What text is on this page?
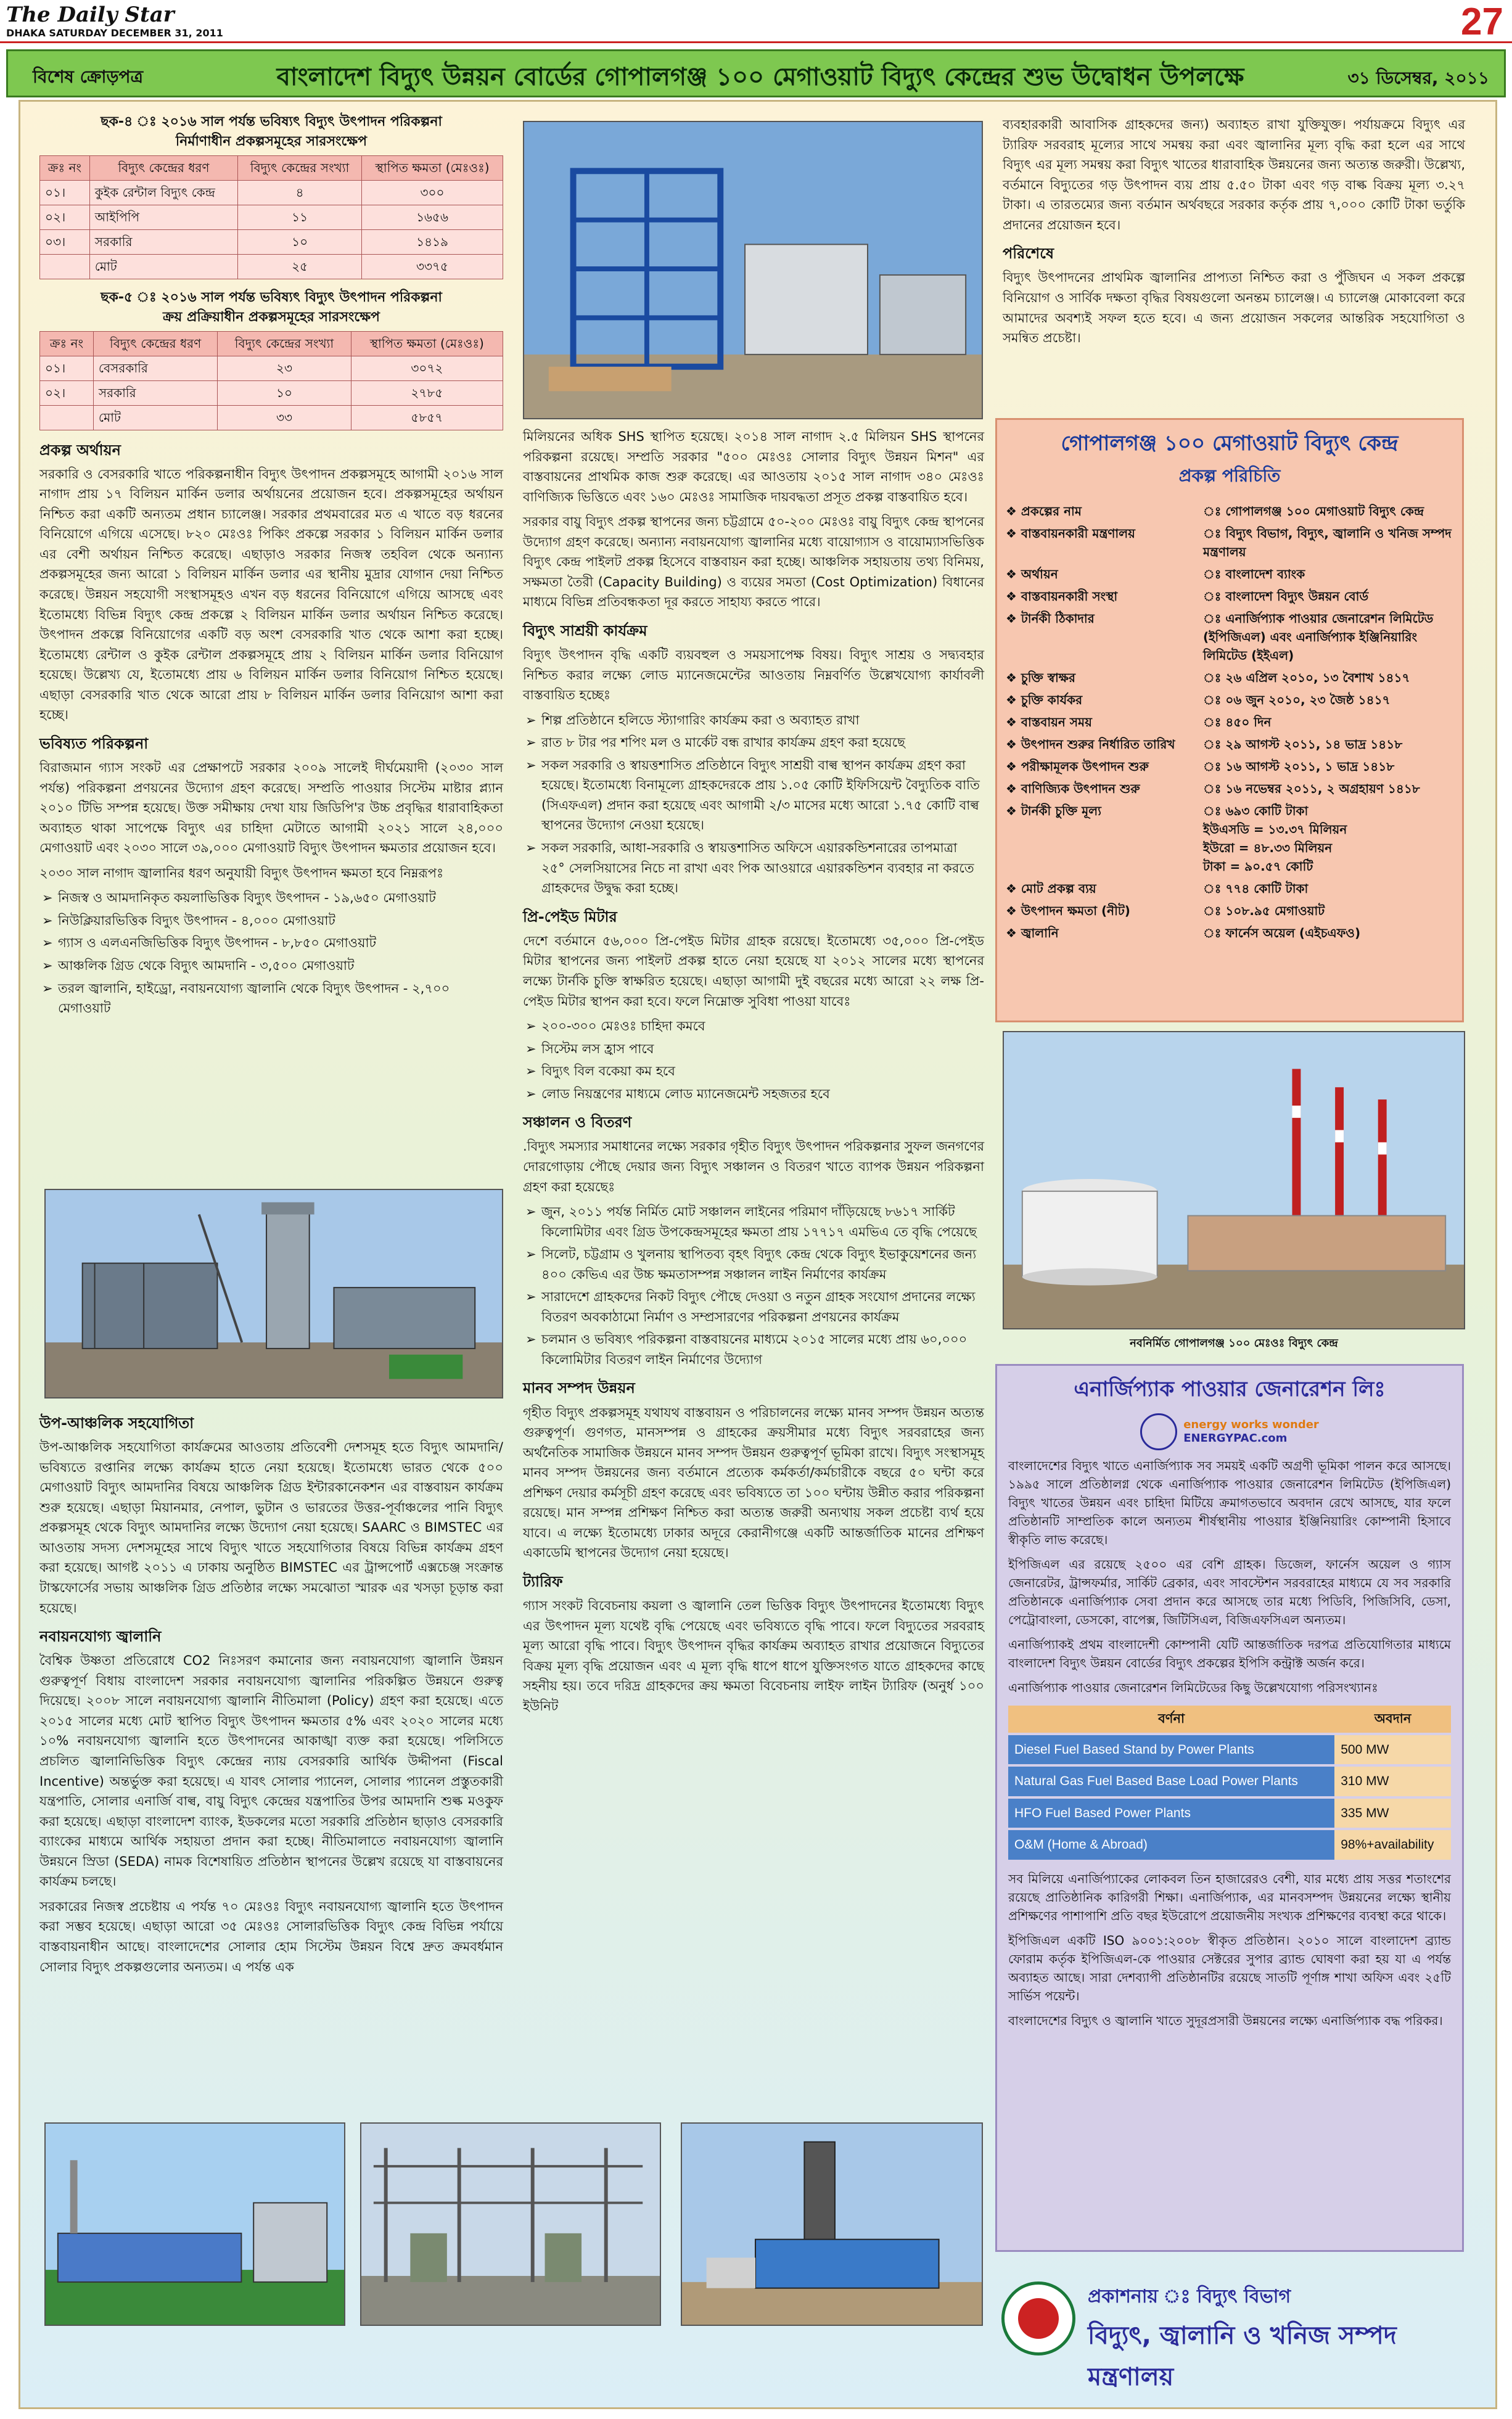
The Daily Star
DHAKA SATURDAY DECEMBER 31, 2011	27
বিশেষ ক্রোড়পত্র	বাংলাদেশ বিদ্যুৎ উন্নয়ন বোর্ডের গোপালগঞ্জ ১০০ মেগাওয়াট বিদ্যুৎ কেন্দ্রের শুভ উদ্বোধন উপলক্ষে	৩১ ডিসেম্বর, ২০১১
ছক-৪ ঃ ২০১৬ সাল পর্যন্ত ভবিষ্যৎ বিদ্যুৎ উৎপাদন পরিকল্পনা
নির্মাণাধীন প্রকল্পসমূহের সারসংক্ষেপ
ক্রঃ নং	বিদ্যুৎ কেন্দ্রের ধরণ	বিদ্যুৎ কেন্দ্রের সংখ্যা	স্থাপিত ক্ষমতা (মেঃওঃ)
০১।	কুইক রেন্টাল বিদ্যুৎ কেন্দ্র	৪	৩০০
০২।	আইপিপি	১১	১৬৫৬
০৩।	সরকারি	১০	১৪১৯
	মোট	২৫	৩৩৭৫
ছক-৫ ঃ ২০১৬ সাল পর্যন্ত ভবিষ্যৎ বিদ্যুৎ উৎপাদন পরিকল্পনা
ক্রয় প্রক্রিয়াধীন প্রকল্পসমূহের সারসংক্ষেপ
ক্রঃ নং	বিদ্যুৎ কেন্দ্রের ধরণ	বিদ্যুৎ কেন্দ্রের সংখ্যা	স্থাপিত ক্ষমতা (মেঃওঃ)
০১।	বেসরকারি	২৩	৩০৭২
০২।	সরকারি	১০	২৭৮৫
	মোট	৩৩	৫৮৫৭
প্রকল্প অর্থায়ন

সরকারি ও বেসরকারি খাতে পরিকল্পনাধীন বিদ্যুৎ উৎপাদন প্রকল্পসমূহে আগামী ২০১৬ সাল নাগাদ প্রায় ১৭ বিলিয়ন মার্কিন ডলার অর্থায়নের প্রয়োজন হবে। প্রকল্পসমূহের অর্থায়ন নিশ্চিত করা একটি অন্যতম প্রধান চ্যালেঞ্জ। সরকার প্রথমবারের মত এ খাতে বড় ধরনের বিনিয়োগে এগিয়ে এসেছে। ৮২০ মেঃওঃ পিকিং প্রকল্পে সরকার ১ বিলিয়ন মার্কিন ডলার এর বেশী অর্থায়ন নিশ্চিত করেছে। এছাড়াও সরকার নিজস্ব তহবিল থেকে অন্যান্য প্রকল্পসমূহের জন্য আরো ১ বিলিয়ন মার্কিন ডলার এর স্থানীয় মুদ্রার যোগান দেয়া নিশ্চিত করেছে। উন্নয়ন সহযোগী সংস্থাসমূহও এখন বড় ধরনের বিনিয়োগে এগিয়ে আসছে এবং ইতোমধ্যে বিভিন্ন বিদ্যুৎ কেন্দ্র প্রকল্পে ২ বিলিয়ন মার্কিন ডলার অর্থায়ন নিশ্চিত করেছে। উৎপাদন প্রকল্পে বিনিয়োগের একটি বড় অংশ বেসরকারি খাত থেকে আশা করা হচ্ছে। ইতোমধ্যে রেন্টাল ও কুইক রেন্টাল প্রকল্পসমূহে প্রায় ২ বিলিয়ন মার্কিন ডলার বিনিয়োগ হয়েছে। উল্লেখ্য যে, ইতোমধ্যে প্রায় ৬ বিলিয়ন মার্কিন ডলার বিনিয়োগ নিশ্চিত হয়েছে। এছাড়া বেসরকারি খাত থেকে আরো প্রায় ৮ বিলিয়ন মার্কিন ডলার বিনিয়োগ আশা করা হচ্ছে।

ভবিষ্যত পরিকল্পনা

বিরাজমান গ্যাস সংকট এর প্রেক্ষাপটে সরকার ২০০৯ সালেই দীর্ঘমেয়াদী (২০৩০ সাল পর্যন্ত) পরিকল্পনা প্রণয়নের উদ্যোগ গ্রহণ করেছে। সম্প্রতি পাওয়ার সিস্টেম মাষ্টার প্ল্যান ২০১০ টিভি সম্পন্ন হয়েছে। উক্ত সমীক্ষায় দেখা যায় জিডিপি'র উচ্চ প্রবৃদ্ধির ধারাবাহিকতা অব্যাহত থাকা সাপেক্ষে বিদ্যুৎ এর চাহিদা মেটাতে আগামী ২০২১ সালে ২৪,০০০ মেগাওয়াট এবং ২০৩০ সালে ৩৯,০০০ মেগাওয়াট বিদ্যুৎ উৎপাদন ক্ষমতার প্রয়োজন হবে।

২০৩০ সাল নাগাদ জ্বালানির ধরণ অনুযায়ী বিদ্যুৎ উৎপাদন ক্ষমতা হবে নিম্নরূপঃ

➢ নিজস্ব ও আমদানিকৃত কয়লাভিত্তিক বিদ্যুৎ উৎপাদন - ১৯,৬৫০ মেগাওয়াট
➢ নিউক্লিয়ারভিত্তিক বিদ্যুৎ উৎপাদন - ৪,০০০ মেগাওয়াট
➢ গ্যাস ও এলএনজিভিত্তিক বিদ্যুৎ উৎপাদন - ৮,৮৫০ মেগাওয়াট
➢ আঞ্চলিক গ্রিড থেকে বিদ্যুৎ আমদানি - ৩,৫০০ মেগাওয়াট
➢ তরল জ্বালানি, হাইড্রো, নবায়নযোগ্য জ্বালানি থেকে বিদ্যুৎ উৎপাদন - ২,৭০০ মেগাওয়াট
উপ-আঞ্চলিক সহযোগিতা

উপ-আঞ্চলিক সহযোগিতা কার্যক্রমের আওতায় প্রতিবেশী দেশসমূহ হতে বিদ্যুৎ আমদানি/ ভবিষ্যতে রপ্তানির লক্ষ্যে কার্যক্রম হাতে নেয়া হয়েছে। ইতোমধ্যে ভারত থেকে ৫০০ মেগাওয়াট বিদ্যুৎ আমদানির বিষয়ে আঞ্চলিক গ্রিড ইন্টারকানেকশন এর বাস্তবায়ন কার্যক্রম শুরু হয়েছে। এছাড়া মিয়ানমার, নেপাল, ভুটান ও ভারতের উত্তর-পূর্বাঞ্চলের পানি বিদ্যুৎ প্রকল্পসমূহ থেকে বিদ্যুৎ আমদানির লক্ষ্যে উদ্যোগ নেয়া হয়েছে। SAARC ও BIMSTEC এর আওতায় সদস্য দেশসমূহের সাথে বিদ্যুৎ খাতে সহযোগিতার বিষয়ে বিভিন্ন কার্যক্রম গ্রহণ করা হয়েছে। আগষ্ট ২০১১ এ ঢাকায় অনুষ্ঠিত BIMSTEC এর ট্রান্সপোর্ট এক্সচেঞ্জ সংক্রান্ত টাস্কফোর্সের সভায় আঞ্চলিক গ্রিড প্রতিষ্ঠার লক্ষ্যে সমঝোতা স্মারক এর খসড়া চূড়ান্ত করা হয়েছে।

নবায়নযোগ্য জ্বালানি

বৈশ্বিক উষ্ণতা প্রতিরোধে CO2 নিঃসরণ কমানোর জন্য নবায়নযোগ্য জ্বালানি উন্নয়ন গুরুত্বপূর্ণ বিধায় বাংলাদেশ সরকার নবায়নযোগ্য জ্বালানির পরিকল্পিত উন্নয়নে গুরুত্ব দিয়েছে। ২০০৮ সালে নবায়নযোগ্য জ্বালানি নীতিমালা (Policy) গ্রহণ করা হয়েছে। এতে ২০১৫ সালের মধ্যে মোট স্থাপিত বিদ্যুৎ উৎপাদন ক্ষমতার ৫% এবং ২০২০ সালের মধ্যে ১০% নবায়নযোগ্য জ্বালানি হতে উৎপাদনের আকাঙ্খা ব্যক্ত করা হয়েছে। পলিসিতে প্রচলিত জ্বালানিভিত্তিক বিদ্যুৎ কেন্দ্রের ন্যায় বেসরকারি আর্থিক উদ্দীপনা (Fiscal Incentive) অন্তর্ভুক্ত করা হয়েছে। এ যাবৎ সোলার প্যানেল, সোলার প্যানেল প্রস্তুতকারী যন্ত্রপাতি, সোলার এনার্জি বাল্ব, বায়ু বিদ্যুৎ কেন্দ্রের যন্ত্রপাতির উপর আমদানি শুল্ক মওকুফ করা হয়েছে। এছাড়া বাংলাদেশ ব্যাংক, ইডকলের মতো সরকারি প্রতিষ্ঠান ছাড়াও বেসরকারি ব্যাংকের মাধ্যমে আর্থিক সহায়তা প্রদান করা হচ্ছে। নীতিমালাতে নবায়নযোগ্য জ্বালানি উন্নয়নে স্রিডা (SEDA) নামক বিশেষায়িত প্রতিষ্ঠান স্থাপনের উল্লেখ রয়েছে যা বাস্তবায়নের কার্যক্রম চলছে।

সরকারের নিজস্ব প্রচেষ্টায় এ পর্যন্ত ৭০ মেঃওঃ বিদ্যুৎ নবায়নযোগ্য জ্বালানি হতে উৎপাদন করা সম্ভব হয়েছে। এছাড়া আরো ৩৫ মেঃওঃ সোলারভিত্তিক বিদ্যুৎ কেন্দ্র বিভিন্ন পর্যায়ে বাস্তবায়নাধীন আছে। বাংলাদেশের সোলার হোম সিস্টেম উন্নয়ন বিশ্বে দ্রুত ক্রমবর্ধমান সোলার বিদ্যুৎ প্রকল্পগুলোর অন্যতম। এ পর্যন্ত এক

মিলিয়নের অধিক SHS স্থাপিত হয়েছে। ২০১৪ সাল নাগাদ ২.৫ মিলিয়ন SHS স্থাপনের পরিকল্পনা রয়েছে। সম্প্রতি সরকার "৫০০ মেঃওঃ সোলার বিদ্যুৎ উন্নয়ন মিশন" এর বাস্তবায়নের প্রাথমিক কাজ শুরু করেছে। এর আওতায় ২০১৫ সাল নাগাদ ৩৪০ মেঃওঃ বাণিজ্যিক ভিত্তিতে এবং ১৬০ মেঃওঃ সামাজিক দায়বদ্ধতা প্রসূত প্রকল্প বাস্তবায়িত হবে।

সরকার বায়ু বিদ্যুৎ প্রকল্প স্থাপনের জন্য চট্টগ্রামে ৫০-২০০ মেঃওঃ বায়ু বিদ্যুৎ কেন্দ্র স্থাপনের উদ্যোগ গ্রহণ করেছে। অন্যান্য নবায়নযোগ্য জ্বালানির মধ্যে বায়োগ্যাস ও বায়োম্যাসভিত্তিক বিদ্যুৎ কেন্দ্র পাইলট প্রকল্প হিসেবে বাস্তবায়ন করা হচ্ছে। আঞ্চলিক সহায়তায় তথ্য বিনিময়, সক্ষমতা তৈরী (Capacity Building) ও ব্যয়ের সমতা (Cost Optimization) বিধানের মাধ্যমে বিভিন্ন প্রতিবন্ধকতা দূর করতে সাহায্য করতে পারে।

বিদ্যুৎ সাশ্রয়ী কার্যক্রম

বিদ্যুৎ উৎপাদন বৃদ্ধি একটি ব্যয়বহুল ও সময়সাপেক্ষ বিষয়। বিদ্যুৎ সাশ্রয় ও সদ্ব্যবহার নিশ্চিত করার লক্ষ্যে লোড ম্যানেজমেন্টের আওতায় নিম্নবর্ণিত উল্লেখযোগ্য কার্যাবলী বাস্তবায়িত হচ্ছেঃ

➢ শিল্প প্রতিষ্ঠানে হলিডে স্ট্যাগারিং কার্যক্রম করা ও অব্যাহত রাখা
➢ রাত ৮ টার পর শপিং মল ও মার্কেট বন্ধ রাখার কার্যক্রম গ্রহণ করা হয়েছে
➢ সকল সরকারি ও স্বায়ত্তশাসিত প্রতিষ্ঠানে বিদ্যুৎ সাশ্রয়ী বাল্ব স্থাপন কার্যক্রম গ্রহণ করা হয়েছে। ইতোমধ্যে বিনামূল্যে গ্রাহকদেরকে প্রায় ১.০৫ কোটি ইফিসিয়েন্ট বৈদ্যুতিক বাতি (সিএফএল) প্রদান করা হয়েছে এবং আগামী ২/৩ মাসের মধ্যে আরো ১.৭৫ কোটি বাল্ব স্থাপনের উদ্যোগ নেওয়া হয়েছে।
➢ সকল সরকারি, আধা-সরকারি ও স্বায়ত্তশাসিত অফিসে এয়ারকন্ডিশনারের তাপমাত্রা ২৫° সেলসিয়াসের নিচে না রাখা এবং পিক আওয়ারে এয়ারকন্ডিশন ব্যবহার না করতে গ্রাহকদের উদ্বুদ্ধ করা হচ্ছে।
প্রি-পেইড মিটার

দেশে বর্তমানে ৫৬,০০০ প্রি-পেইড মিটার গ্রাহক রয়েছে। ইতোমধ্যে ৩৫,০০০ প্রি-পেইড মিটার স্থাপনের জন্য পাইলট প্রকল্প হাতে নেয়া হয়েছে যা ২০১২ সালের মধ্যে স্থাপনের লক্ষ্যে টার্নকি চুক্তি স্বাক্ষরিত হয়েছে। এছাড়া আগামী দুই বছরের মধ্যে আরো ২২ লক্ষ প্রি-পেইড মিটার স্থাপন করা হবে। ফলে নিম্নোক্ত সুবিধা পাওয়া যাবেঃ

➢ ২০০-৩০০ মেঃওঃ চাহিদা কমবে
➢ সিস্টেম লস হ্রাস পাবে
➢ বিদ্যুৎ বিল বকেয়া কম হবে
➢ লোড নিয়ন্ত্রণের মাধ্যমে লোড ম্যানেজমেন্ট সহজতর হবে
সঞ্চালন ও বিতরণ

.বিদ্যুৎ সমস্যার সমাধানের লক্ষ্যে সরকার গৃহীত বিদ্যুৎ উৎপাদন পরিকল্পনার সুফল জনগণের দোরগোড়ায় পৌছে দেয়ার জন্য বিদ্যুৎ সঞ্চালন ও বিতরণ খাতে ব্যাপক উন্নয়ন পরিকল্পনা গ্রহণ করা হয়েছেঃ

➢ জুন, ২০১১ পর্যন্ত নির্মিত মোট সঞ্চালন লাইনের পরিমাণ দাঁড়িয়েছে ৮৬১৭ সার্কিট কিলোমিটার এবং গ্রিড উপকেন্দ্রসমূহের ক্ষমতা প্রায় ১৭৭১৭ এমভিএ তে বৃদ্ধি পেয়েছে
➢ সিলেট, চট্টগ্রাম ও খুলনায় স্থাপিতব্য বৃহৎ বিদ্যুৎ কেন্দ্র থেকে বিদ্যুৎ ইভাকুয়েশনের জন্য ৪০০ কেভিএ এর উচ্চ ক্ষমতাসম্পন্ন সঞ্চালন লাইন নির্মাণের কার্যক্রম
➢ সারাদেশে গ্রাহকদের নিকট বিদ্যুৎ পৌছে দেওয়া ও নতুন গ্রাহক সংযোগ প্রদানের লক্ষ্যে বিতরণ অবকাঠামো নির্মাণ ও সম্প্রসারণের পরিকল্পনা প্রণয়নের কার্যক্রম
➢ চলমান ও ভবিষ্যৎ পরিকল্পনা বাস্তবায়নের মাধ্যমে ২০১৫ সালের মধ্যে প্রায় ৬০,০০০ কিলোমিটার বিতরণ লাইন নির্মাণের উদ্যোগ
মানব সম্পদ উন্নয়ন

গৃহীত বিদ্যুৎ প্রকল্পসমূহ যথাযথ বাস্তবায়ন ও পরিচালনের লক্ষ্যে মানব সম্পদ উন্নয়ন অত্যন্ত গুরুত্বপূর্ণ। গুণগত, মানসম্পন্ন ও গ্রাহকের ক্রয়সীমার মধ্যে বিদ্যুৎ সরবরাহের জন্য অর্থনৈতিক সামাজিক উন্নয়নে মানব সম্পদ উন্নয়ন গুরুত্বপূর্ণ ভূমিকা রাখে। বিদ্যুৎ সংস্থাসমূহ মানব সম্পদ উন্নয়নের জন্য বর্তমানে প্রত্যেক কর্মকর্তা/কর্মচারীকে বছরে ৫০ ঘন্টা করে প্রশিক্ষণ দেয়ার কর্মসূচী গ্রহণ করেছে এবং ভবিষ্যতে তা ১০০ ঘন্টায় উন্নীত করার পরিকল্পনা রয়েছে। মান সম্পন্ন প্রশিক্ষণ নিশ্চিত করা অত্যন্ত জরুরী অন্যথায় সকল প্রচেষ্টা ব্যর্থ হয়ে যাবে। এ লক্ষ্যে ইতোমধ্যে ঢাকার অদূরে কেরানীগঞ্জে একটি আন্তর্জাতিক মানের প্রশিক্ষণ একাডেমি স্থাপনের উদ্যোগ নেয়া হয়েছে।

ট্যারিফ

গ্যাস সংকট বিবেচনায় কয়লা ও জ্বালানি তেল ভিত্তিক বিদ্যুৎ উৎপাদনের ইতোমধ্যে বিদ্যুৎ এর উৎপাদন মূল্য যথেষ্ট বৃদ্ধি পেয়েছে এবং ভবিষ্যতে বৃদ্ধি পাবে। ফলে বিদ্যুতের সরবরাহ মূল্য আরো বৃদ্ধি পাবে। বিদ্যুৎ উৎপাদন বৃদ্ধির কার্যক্রম অব্যাহত রাখার প্রয়োজনে বিদ্যুতের বিক্রয় মূল্য বৃদ্ধি প্রয়োজন এবং এ মূল্য বৃদ্ধি ধাপে ধাপে যুক্তিসংগত যাতে গ্রাহকদের কাছে সহনীয় হয়। তবে দরিদ্র গ্রাহকদের ক্রয় ক্ষমতা বিবেচনায় লাইফ লাইন ট্যারিফ (অনুর্ধ ১০০ ইউনিট

ব্যবহারকারী আবাসিক গ্রাহকদের জন্য) অব্যাহত রাখা যুক্তিযুক্ত। পর্যায়ক্রমে বিদ্যুৎ এর ট্যারিফ সরবরাহ মূল্যের সাথে সমন্বয় করা এবং জ্বালানির মূল্য বৃদ্ধি করা হলে এর সাথে বিদ্যুৎ এর মূল্য সমন্বয় করা বিদ্যুৎ খাতের ধারাবাহিক উন্নয়নের জন্য অত্যন্ত জরুরী। উল্লেখ্য, বর্তমানে বিদ্যুতের গড় উৎপাদন ব্যয় প্রায় ৫.৫০ টাকা এবং গড় বাল্ক বিক্রয় মূল্য ৩.২৭ টাকা। এ তারতম্যের জন্য বর্তমান অর্থবছরে সরকার কর্তৃক প্রায় ৭,০০০ কোটি টাকা ভর্তুকি প্রদানের প্রয়োজন হবে।

পরিশেষে

বিদ্যুৎ উৎপাদনের প্রাথমিক জ্বালানির প্রাপ্যতা নিশ্চিত করা ও পুঁজিঘন এ সকল প্রকল্পে বিনিয়োগ ও সার্বিক দক্ষতা বৃদ্ধির বিষয়গুলো অনন্তম চ্যালেঞ্জ। এ চ্যালেঞ্জ মোকাবেলা করে আমাদের অবশ্যই সফল হতে হবে। এ জন্য প্রয়োজন সকলের আন্তরিক সহযোগিতা ও সমন্বিত প্রচেষ্টা।

গোপালগঞ্জ ১০০ মেগাওয়াট বিদ্যুৎ কেন্দ্র
প্রকল্প পরিচিতি
❖ প্রকল্পের নাম	ঃ গোপালগঞ্জ ১০০ মেগাওয়াট বিদ্যুৎ কেন্দ্র
❖ বাস্তবায়নকারী মন্ত্রণালয়	ঃ বিদ্যুৎ বিভাগ, বিদ্যুৎ, জ্বালানি ও খনিজ সম্পদ মন্ত্রণালয়
❖ অর্থায়ন	ঃ বাংলাদেশ ব্যাংক
❖ বাস্তবায়নকারী সংস্থা	ঃ বাংলাদেশ বিদ্যুৎ উন্নয়ন বোর্ড
❖ টার্নকী ঠিকাদার	ঃ এনার্জিপ্যাক পাওয়ার জেনারেশন লিমিটেড (ইপিজিএল) এবং এনার্জিপ্যাক ইঞ্জিনিয়ারিং লিমিটেড (ইইএল)
❖ চুক্তি স্বাক্ষর	ঃ ২৬ এপ্রিল ২০১০, ১৩ বৈশাখ ১৪১৭
❖ চুক্তি কার্যকর	ঃ ০৬ জুন ২০১০, ২৩ জৈষ্ঠ ১৪১৭
❖ বাস্তবায়ন সময়	ঃ ৪৫০ দিন
❖ উৎপাদন শুরুর নির্ধারিত তারিখ	ঃ ২৯ আগস্ট ২০১১, ১৪ ভাদ্র ১৪১৮
❖ পরীক্ষামূলক উৎপাদন শুরু	ঃ ১৬ আগস্ট ২০১১, ১ ভাদ্র ১৪১৮
❖ বাণিজ্যিক উৎপাদন শুরু	ঃ ১৬ নভেম্বর ২০১১, ২ অগ্রহায়ণ ১৪১৮
❖ টার্নকী চুক্তি মূল্য	ঃ ৬৯৩ কোটি টাকা
ইউএসডি = ১৩.৩৭ মিলিয়ন
ইউরো = ৪৮.৩৩ মিলিয়ন
টাকা = ৯০.৫৭ কোটি
❖ মোট প্রকল্প ব্যয়	ঃ ৭৭৪ কোটি টাকা
❖ উৎপাদন ক্ষমতা (নীট)	ঃ ১০৮.৯৫ মেগাওয়াট
❖ জ্বালানি	ঃ ফার্নেস অয়েল (এইচএফও)
নবনির্মিত গোপালগঞ্জ ১০০ মেঃওঃ বিদ্যুৎ কেন্দ্র
এনার্জিপ্যাক পাওয়ার জেনারেশন লিঃ
energy works wonder
ENERGYPAC.com

বাংলাদেশের বিদ্যুৎ খাতে এনার্জিপ্যাক সব সময়ই একটি অগ্রণী ভূমিকা পালন করে আসছে। ১৯৯৫ সালে প্রতিষ্ঠালগ্ন থেকে এনার্জিপ্যাক পাওয়ার জেনারেশন লিমিটেড (ইপিজিএল) বিদ্যুৎ খাতের উন্নয়ন এবং চাহিদা মিটিয়ে ক্রমাগতভাবে অবদান রেখে আসছে, যার ফলে প্রতিষ্ঠানটি সাম্প্রতিক কালে অন্যতম শীর্ষস্থানীয় পাওয়ার ইঞ্জিনিয়ারিং কোম্পানী হিসাবে স্বীকৃতি লাভ করেছে।

ইপিজিএল এর রয়েছে ২৫০০ এর বেশি গ্রাহক। ডিজেল, ফার্নেস অয়েল ও গ্যাস জেনারেটর, ট্রান্সফর্মার, সার্কিট ব্রেকার, এবং সাবস্টেশন সরবরাহের মাধ্যমে যে সব সরকারি প্রতিষ্ঠানকে এনার্জিপ্যাক সেবা প্রদান করে আসছে তার মধ্যে পিডিবি, পিজিসিবি, ডেসা, পেট্রোবাংলা, ডেসকো, বাপেক্স, জিটিসিএল, বিজিএফসিএল অন্যতম।

এনার্জিপ্যাকই প্রথম বাংলাদেশী কোম্পানী যেটি আন্তর্জাতিক দরপত্র প্রতিযোগিতার মাধ্যমে বাংলাদেশ বিদ্যুৎ উন্নয়ন বোর্ডের বিদ্যুৎ প্রকল্পের ইপিসি কন্ট্রাক্ট অর্জন করে।

এনার্জিপ্যাক পাওয়ার জেনারেশন লিমিটেডের কিছু উল্লেখযোগ্য পরিসংখ্যানঃ

বর্ণনা	অবদান
Diesel Fuel Based Stand by Power Plants	500 MW
Natural Gas Fuel Based Base Load Power Plants	310 MW
HFO Fuel Based Power Plants	335 MW
O&M (Home & Abroad)	98%+availability

সব মিলিয়ে এনার্জিপ্যাকের লোকবল তিন হাজারেরও বেশী, যার মধ্যে প্রায় সত্তর শতাংশের রয়েছে প্রাতিষ্ঠানিক কারিগরী শিক্ষা। এনার্জিপ্যাক, এর মানবসম্পদ উন্নয়নের লক্ষ্যে স্থানীয় প্রশিক্ষণের পাশাপাশি প্রতি বছর ইউরোপে প্রয়োজনীয় সংখ্যক প্রশিক্ষণের ব্যবস্থা করে থাকে।

ইপিজিএল একটি ISO ৯০০১:২০০৮ স্বীকৃত প্রতিষ্ঠান। ২০১০ সালে বাংলাদেশ ব্র্যান্ড ফোরাম কর্তৃক ইপিজিএল-কে পাওয়ার সেক্টরের সুপার ব্র্যান্ড ঘোষণা করা হয় যা এ পর্যন্ত অব্যাহত আছে। সারা দেশব্যাপী প্রতিষ্ঠানটির রয়েছে সাতটি পূর্ণাঙ্গ শাখা অফিস এবং ২৫টি সার্ভিস পয়েন্ট।

বাংলাদেশের বিদ্যুৎ ও জ্বালানি খাতে সুদূরপ্রসারী উন্নয়নের লক্ষ্যে এনার্জিপ্যাক বদ্ধ পরিকর।

প্রকাশনায় ঃ বিদ্যুৎ বিভাগ
বিদ্যুৎ, জ্বালানি ও খনিজ সম্পদ মন্ত্রণালয়
